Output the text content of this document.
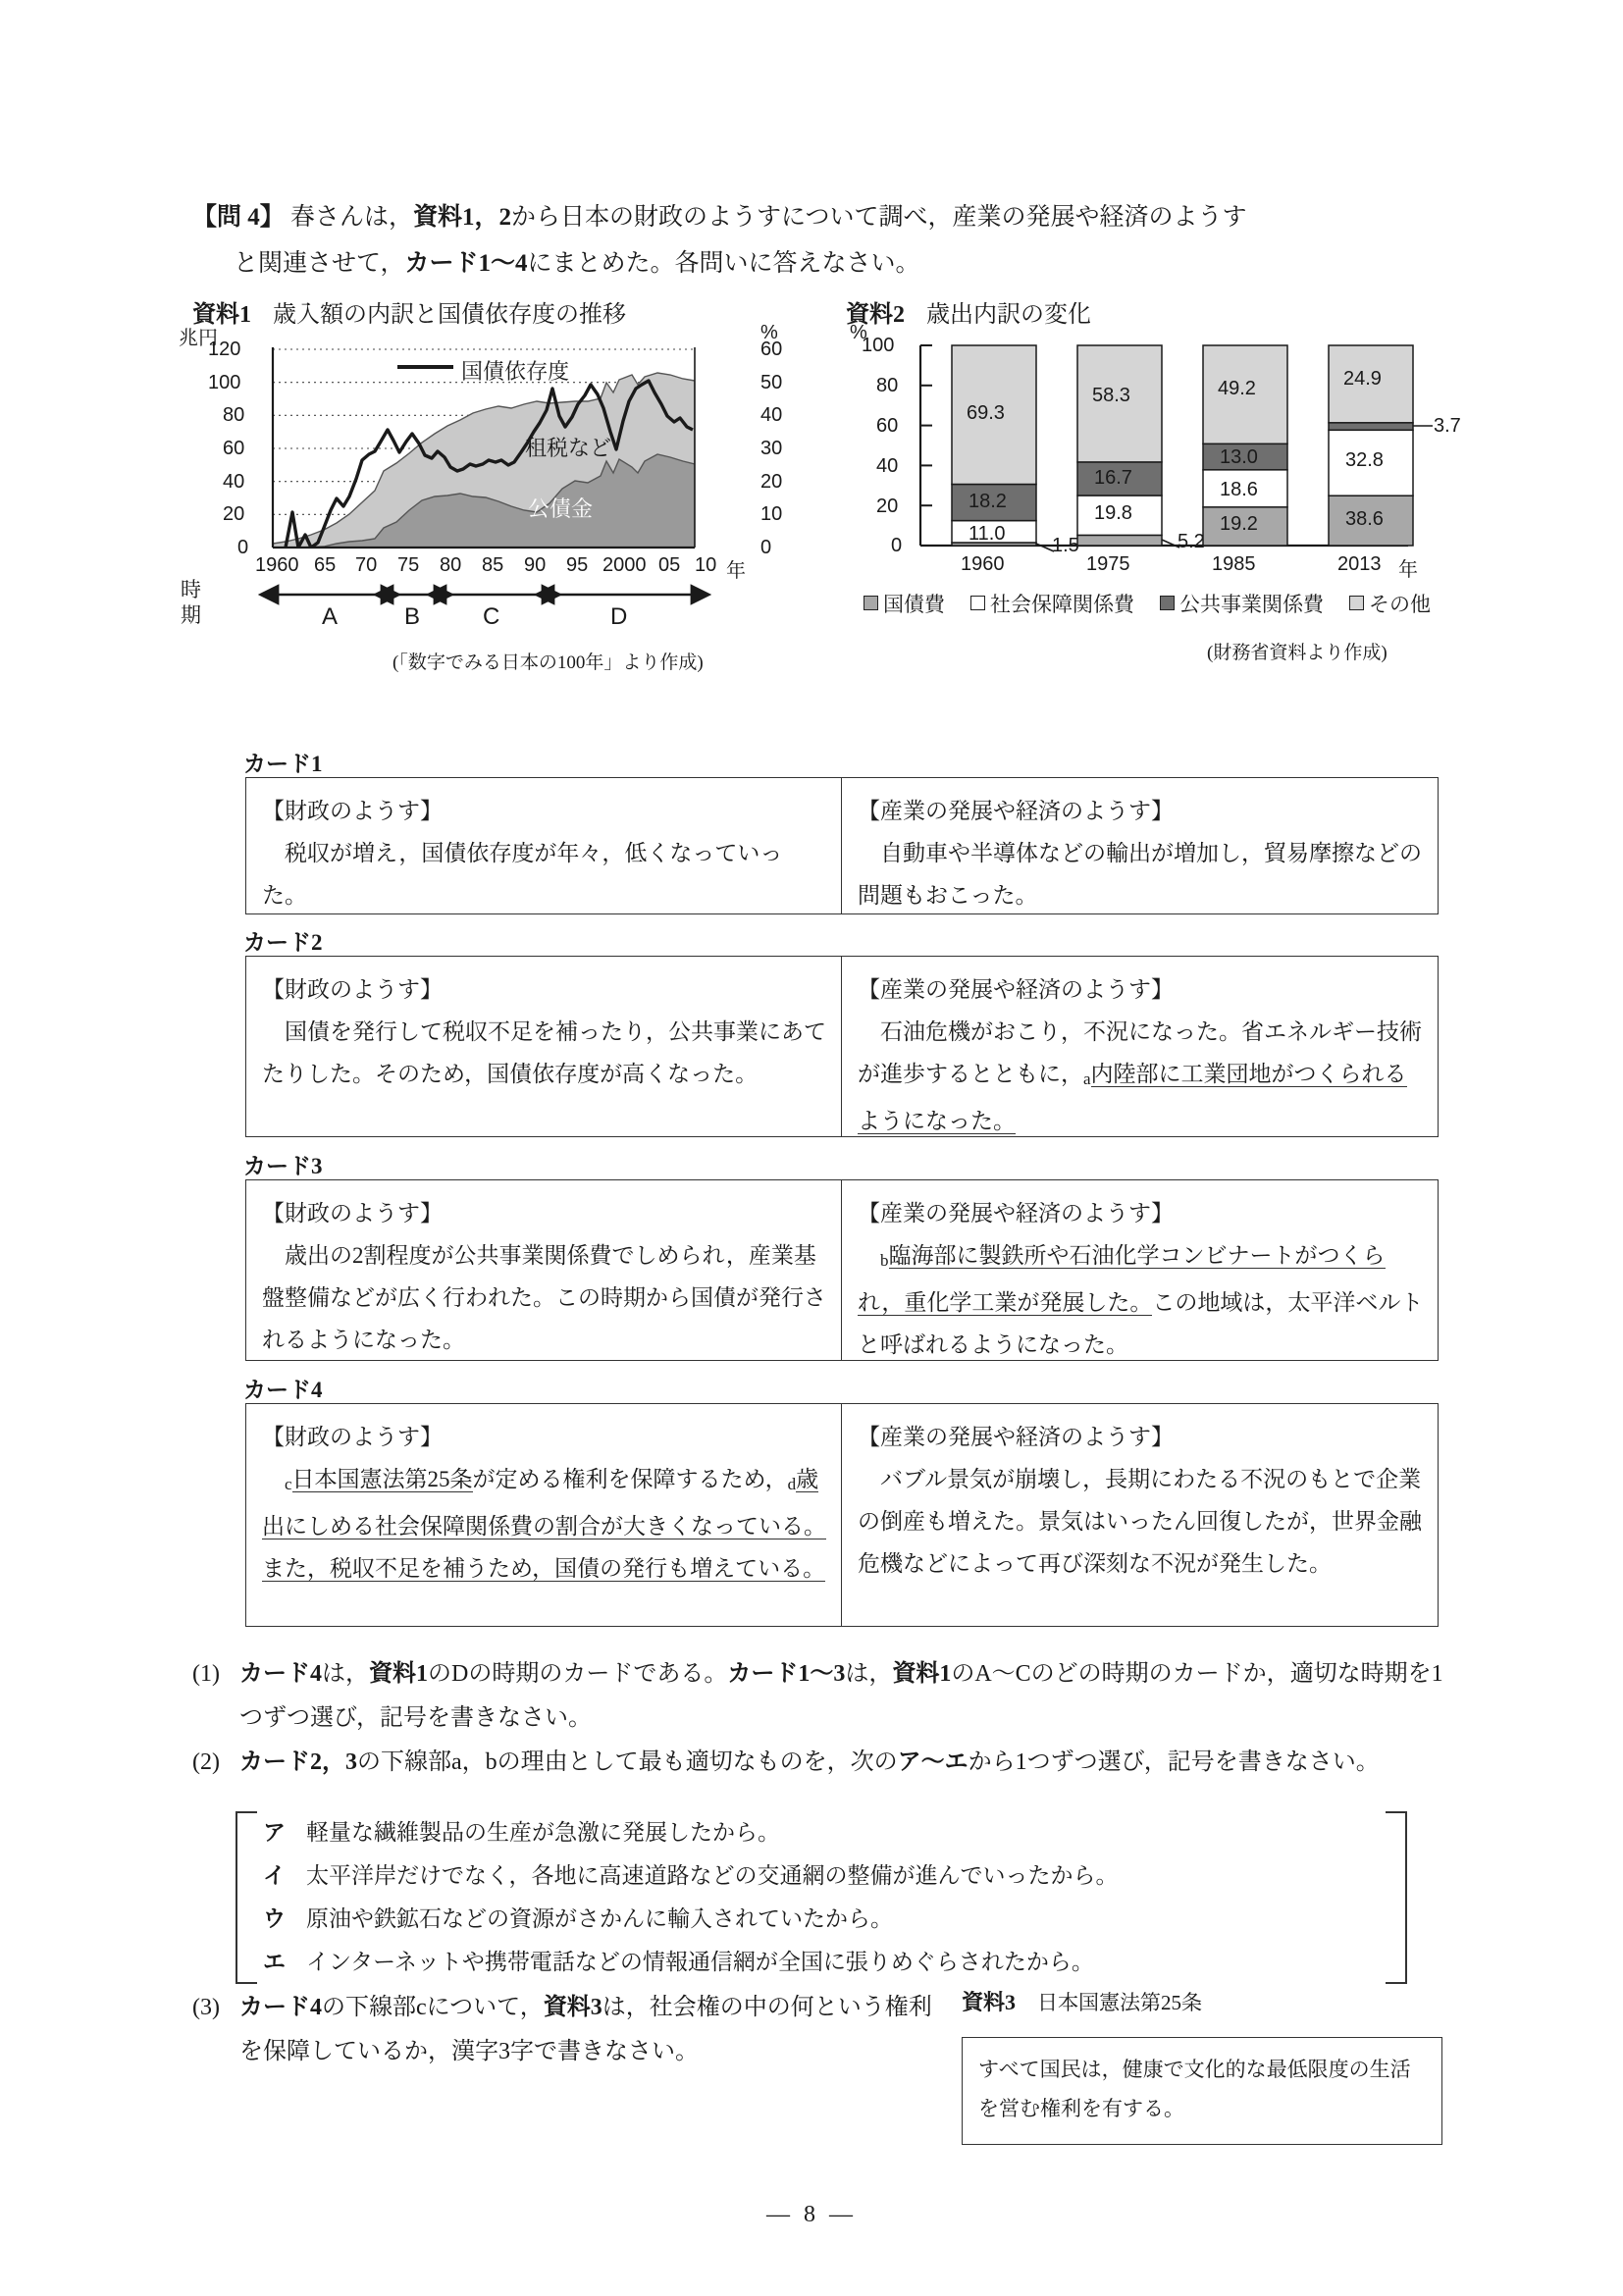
【問 4】 春さんは，資料1，2から日本の財政のようすについて調べ，産業の発展や経済のようす
と関連させて，カード1～4にまとめた。各問いに答えなさい。
資料1 歳入額の内訳と国債依存度の推移	資料2 歳出内訳の変化
兆円	%
120
100
80
60
40
20
0
60
50
40
30
20
10
0
国債依存度
租税など
公債金
1960 65 70 75 80 85 90 95 2000 05 10 年
時期	A	B	C	D
(「数字でみる日本の100年」より作成)
%
100
80
60
40
20
0
69.3
18.2
11.0
1.5
58.3
16.7
19.8
5.2
49.2
13.0
18.6
19.2
24.9
3.7
32.8
38.6
1960	1975	1985	2013 年
国債費 社会保障関係費 公共事業関係費 その他
(財務省資料より作成)
カード1
【財政のようす】
税収が増え，国債依存度が年々，低くなっていった。
【産業の発展や経済のようす】
自動車や半導体などの輸出が増加し，貿易摩擦などの問題もおこった。
カード2
【財政のようす】
国債を発行して税収不足を補ったり，公共事業にあてたりした。そのため，国債依存度が高くなった。
【産業の発展や経済のようす】
石油危機がおこり，不況になった。省エネルギー技術が進歩するとともに，a内陸部に工業団地がつくられるようになった。
カード3
【財政のようす】
歳出の2割程度が公共事業関係費でしめられ，産業基盤整備などが広く行われた。この時期から国債が発行されるようになった。
【産業の発展や経済のようす】
b臨海部に製鉄所や石油化学コンビナートがつくられ，重化学工業が発展した。この地域は，太平洋ベルトと呼ばれるようになった。
カード4
【財政のようす】
c日本国憲法第25条が定める権利を保障するため，d歳出にしめる社会保障関係費の割合が大きくなっている。また，税収不足を補うため，国債の発行も増えている。
【産業の発展や経済のようす】
バブル景気が崩壊し，長期にわたる不況のもとで企業の倒産も増えた。景気はいったん回復したが，世界金融危機などによって再び深刻な不況が発生した。
(1) カード4は，資料1のDの時期のカードである。カード1～3は，資料1のA～Cのどの時期のカードか，適切な時期を1つずつ選び，記号を書きなさい。
(2) カード2，3の下線部a，bの理由として最も適切なものを，次のア～エから1つずつ選び，記号を書きなさい。
ア 軽量な繊維製品の生産が急激に発展したから。
イ 太平洋岸だけでなく，各地に高速道路などの交通網の整備が進んでいったから。
ウ 原油や鉄鉱石などの資源がさかんに輸入されていたから。
エ インターネットや携帯電話などの情報通信網が全国に張りめぐらされたから。
(3) カード4の下線部cについて，資料3は，社会権の中の何という権利を保障しているか，漢字3字で書きなさい。
資料3 日本国憲法第25条
すべて国民は，健康で文化的な最低限度の生活を営む権利を有する。
— 8 —
